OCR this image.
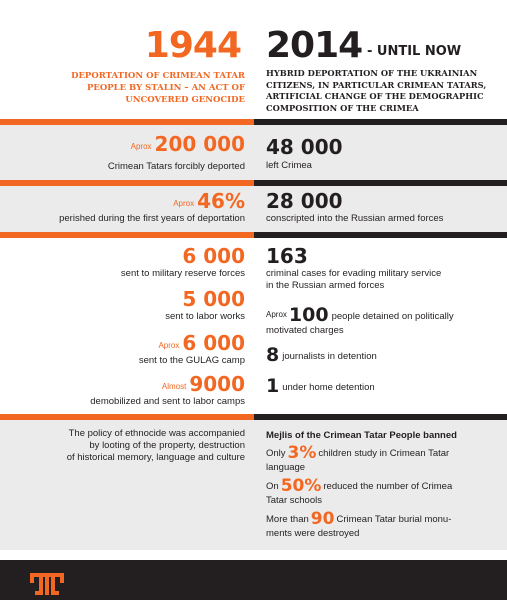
1944 2014 - UNTIL NOW
DEPORTATION OF CRIMEAN TATAR PEOPLE BY STALIN – AN ACT OF UNCOVERED GENOCIDE
HYBRID DEPORTATION OF THE UKRAINIAN CITIZENS, IN PARTICULAR CRIMEAN TATARS, ARTIFICIAL CHANGE OF THE DEMOGRAPHIC COMPOSITION OF THE CRIMEA
Aprox 200 000
Crimean Tatars forcibly deported
48 000
left Crimea
Aprox 46%
perished during the first years of deportation
28 000
conscripted into the Russian armed forces
6 000
sent to military reserve forces
5 000
sent to labor works
Aprox 6 000
sent to the GULAG camp
Almost 9000
demobilized and sent to labor camps
163
criminal cases for evading military service
in the Russian armed forces
$^{Aprox}$ 100 people detained on politically
motivated charges
8 journalists in detention
1 under home detention
The policy of ethnocide was accompanied
by looting of the property, destruction
of historical memory, language and culture
Mejlis of the Crimean Tatar People banned
Only 3% children study in Crimean Tatar
language
On 50% reduced the number of Crimea
Tatar schools
More than 90 Crimean Tatar burial monu-
ments were destroyed
